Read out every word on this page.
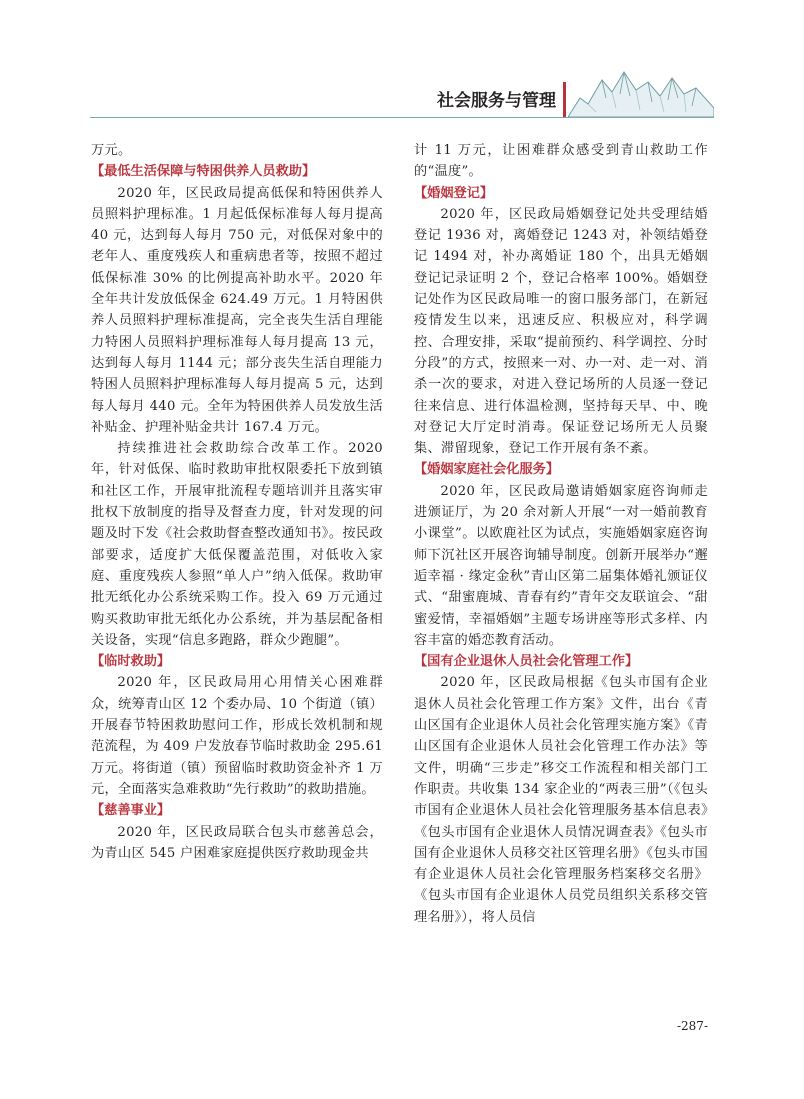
社会服务与管理

万元。

【最低生活保障与特困供养人员救助】

2020 年，区民政局提高低保和特困供养人员照料护理标准。1 月起低保标准每人每月提高 40 元，达到每人每月 750 元，对低保对象中的老年人、重度残疾人和重病患者等，按照不超过低保标准 30% 的比例提高补助水平。2020 年全年共计发放低保金 624.49 万元。1 月特困供养人员照料护理标准提高，完全丧失生活自理能力特困人员照料护理标准每人每月提高 13 元，达到每人每月 1144 元；部分丧失生活自理能力特困人员照料护理标准每人每月提高 5 元，达到每人每月 440 元。全年为特困供养人员发放生活补贴金、护理补贴金共计 167.4 万元。

持续推进社会救助综合改革工作。2020 年，针对低保、临时救助审批权限委托下放到镇和社区工作，开展审批流程专题培训并且落实审批权下放制度的指导及督查力度，针对发现的问题及时下发《社会救助督查整改通知书》。按民政部要求，适度扩大低保覆盖范围，对低收入家庭、重度残疾人参照“单人户”纳入低保。救助审批无纸化办公系统采购工作。投入 69 万元通过购买救助审批无纸化办公系统，并为基层配备相关设备，实现“信息多跑路，群众少跑腿”。

【临时救助】

2020 年，区民政局用心用情关心困难群众，统筹青山区 12 个委办局、10 个街道（镇）开展春节特困救助慰问工作，形成长效机制和规范流程，为 409 户发放春节临时救助金 295.61 万元。将街道（镇）预留临时救助资金补齐 1 万元，全面落实急难救助“先行救助”的救助措施。

【慈善事业】

2020 年，区民政局联合包头市慈善总会，为青山区 545 户困难家庭提供医疗救助现金共

计 11 万元，让困难群众感受到青山救助工作的“温度”。

【婚姻登记】

2020 年，区民政局婚姻登记处共受理结婚登记 1936 对，离婚登记 1243 对，补领结婚登记 1494 对，补办离婚证 180 个，出具无婚姻登记记录证明 2 个，登记合格率 100%。婚姻登记处作为区民政局唯一的窗口服务部门，在新冠疫情发生以来，迅速反应、积极应对，科学调控、合理安排，采取“提前预约、科学调控、分时分段”的方式，按照来一对、办一对、走一对、消杀一次的要求，对进入登记场所的人员逐一登记往来信息、进行体温检测，坚持每天早、中、晚对登记大厅定时消毒。保证登记场所无人员聚集、滞留现象，登记工作开展有条不紊。

【婚姻家庭社会化服务】

2020 年，区民政局邀请婚姻家庭咨询师走进颁证厅，为 20 余对新人开展“一对一婚前教育小课堂”。以欧鹿社区为试点，实施婚姻家庭咨询师下沉社区开展咨询辅导制度。创新开展举办“邂逅幸福 · 缘定金秋”青山区第二届集体婚礼颁证仪式、“甜蜜鹿城、青春有约”青年交友联谊会、“甜蜜爱情，幸福婚姻”主题专场讲座等形式多样、内容丰富的婚恋教育活动。

【国有企业退休人员社会化管理工作】

2020 年，区民政局根据《包头市国有企业退休人员社会化管理工作方案》文件，出台《青山区国有企业退休人员社会化管理实施方案》《青山区国有企业退休人员社会化管理工作办法》等文件，明确“三步走”移交工作流程和相关部门工作职责。共收集 134 家企业的“两表三册”（《包头市国有企业退休人员社会化管理服务基本信息表》《包头市国有企业退休人员情况调查表》《包头市国有企业退休人员移交社区管理名册》《包头市国有企业退休人员社会化管理服务档案移交名册》《包头市国有企业退休人员党员组织关系移交管理名册》），将人员信

-287-
